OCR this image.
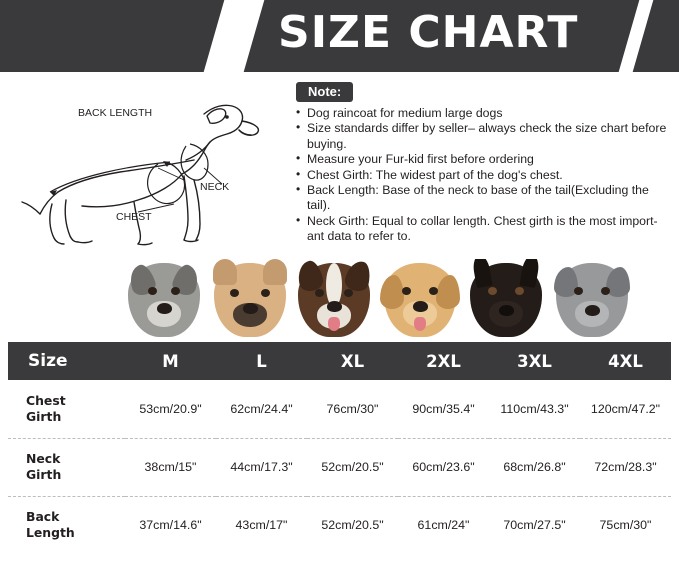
SIZE CHART
BACK LENGTH
NECK
CHEST
Note:
• Dog raincoat for medium large dogs
• Size standards differ by seller– always check the size chart before buying.
• Measure your Fur-kid first before ordering
• Chest Girth: The widest part of the dog's chest.
• Back Length: Base of the neck to base of the tail(Excluding the tail).
• Neck Girth: Equal to collar length. Chest girth is the most import-ant data to refer to.
Size	M	L	XL	2XL	3XL	4XL
Chest
Girth	53cm/20.9"	62cm/24.4"	76cm/30"	90cm/35.4"	110cm/43.3"	120cm/47.2"
Neck
Girth	38cm/15"	44cm/17.3"	52cm/20.5"	60cm/23.6"	68cm/26.8"	72cm/28.3"
Back
Length	37cm/14.6"	43cm/17"	52cm/20.5"	61cm/24"	70cm/27.5"	75cm/30"
